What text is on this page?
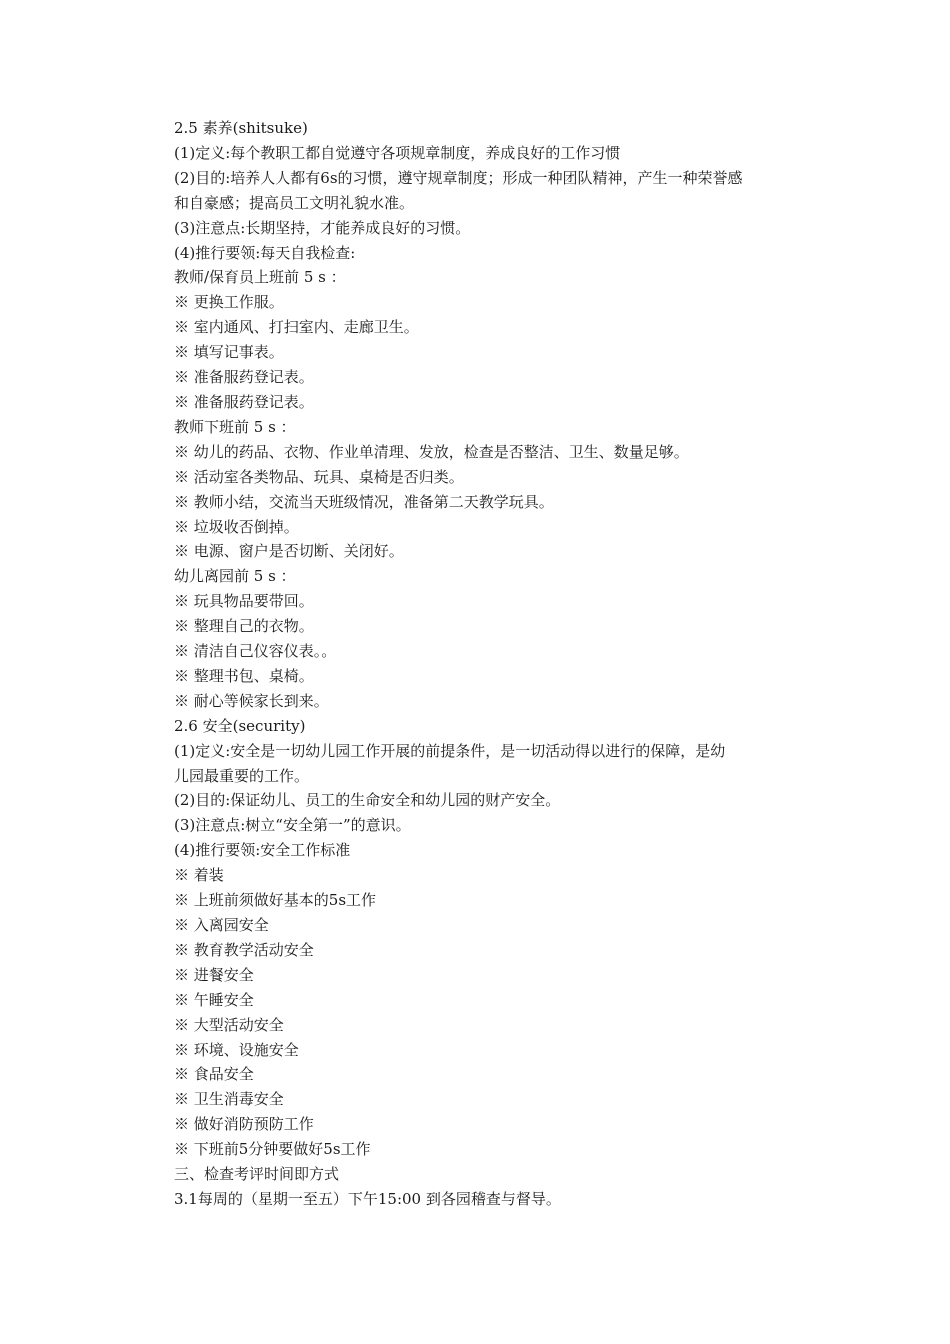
2.5 素养(shitsuke)
(1)定义:每个教职工都自觉遵守各项规章制度，养成良好的工作习惯
(2)目的:培养人人都有6s的习惯，遵守规章制度；形成一种团队精神，产生一种荣誉感
和自豪感；提高员工文明礼貌水准。
(3)注意点:长期坚持，才能养成良好的习惯。
(4)推行要领:每天自我检查:
教师/保育员上班前 5 s ：
※ 更换工作服。
※ 室内通风、打扫室内、走廊卫生。
※ 填写记事表。
※ 准备服药登记表。
※ 准备服药登记表。
教师下班前 5 s ：
※ 幼儿的药品、衣物、作业单清理、发放，检查是否整洁、卫生、数量足够。
※ 活动室各类物品、玩具、桌椅是否归类。
※ 教师小结，交流当天班级情况，准备第二天教学玩具。
※ 垃圾收否倒掉。
※ 电源、窗户是否切断、关闭好。
幼儿离园前 5 s ：
※ 玩具物品要带回。
※ 整理自己的衣物。
※ 清洁自己仪容仪表。。
※ 整理书包、桌椅。
※ 耐心等候家长到来。
2.6 安全(security)
(1)定义:安全是一切幼儿园工作开展的前提条件，是一切活动得以进行的保障，是幼
儿园最重要的工作。
(2)目的:保证幼儿、员工的生命安全和幼儿园的财产安全。
(3)注意点:树立“安全第一”的意识。
(4)推行要领:安全工作标准
※ 着装
※ 上班前须做好基本的5s工作
※ 入离园安全
※ 教育教学活动安全
※ 进餐安全
※ 午睡安全
※ 大型活动安全
※ 环境、设施安全
※ 食品安全
※ 卫生消毒安全
※ 做好消防预防工作
※ 下班前5分钟要做好5s工作
三、检查考评时间即方式
3.1每周的（星期一至五）下午15:00 到各园稽查与督导。
